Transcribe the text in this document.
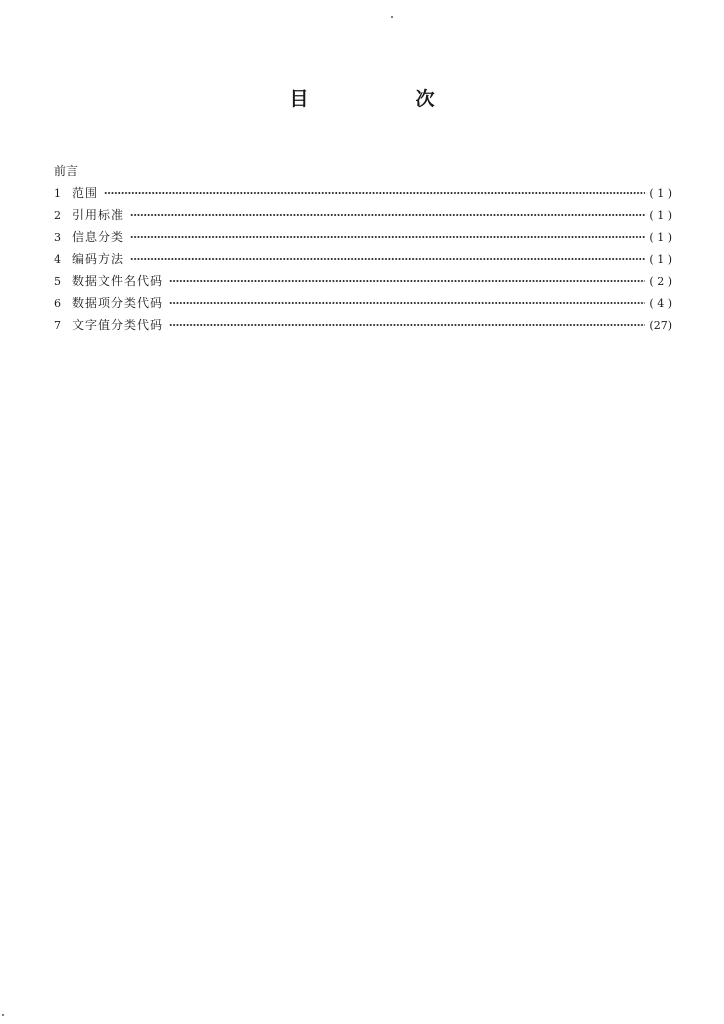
目　次
前言
1 范围	( 1 )
2 引用标准	( 1 )
3 信息分类	( 1 )
4 编码方法	( 1 )
5 数据文件名代码	( 2 )
6 数据项分类代码	( 4 )
7 文字值分类代码	(27)
